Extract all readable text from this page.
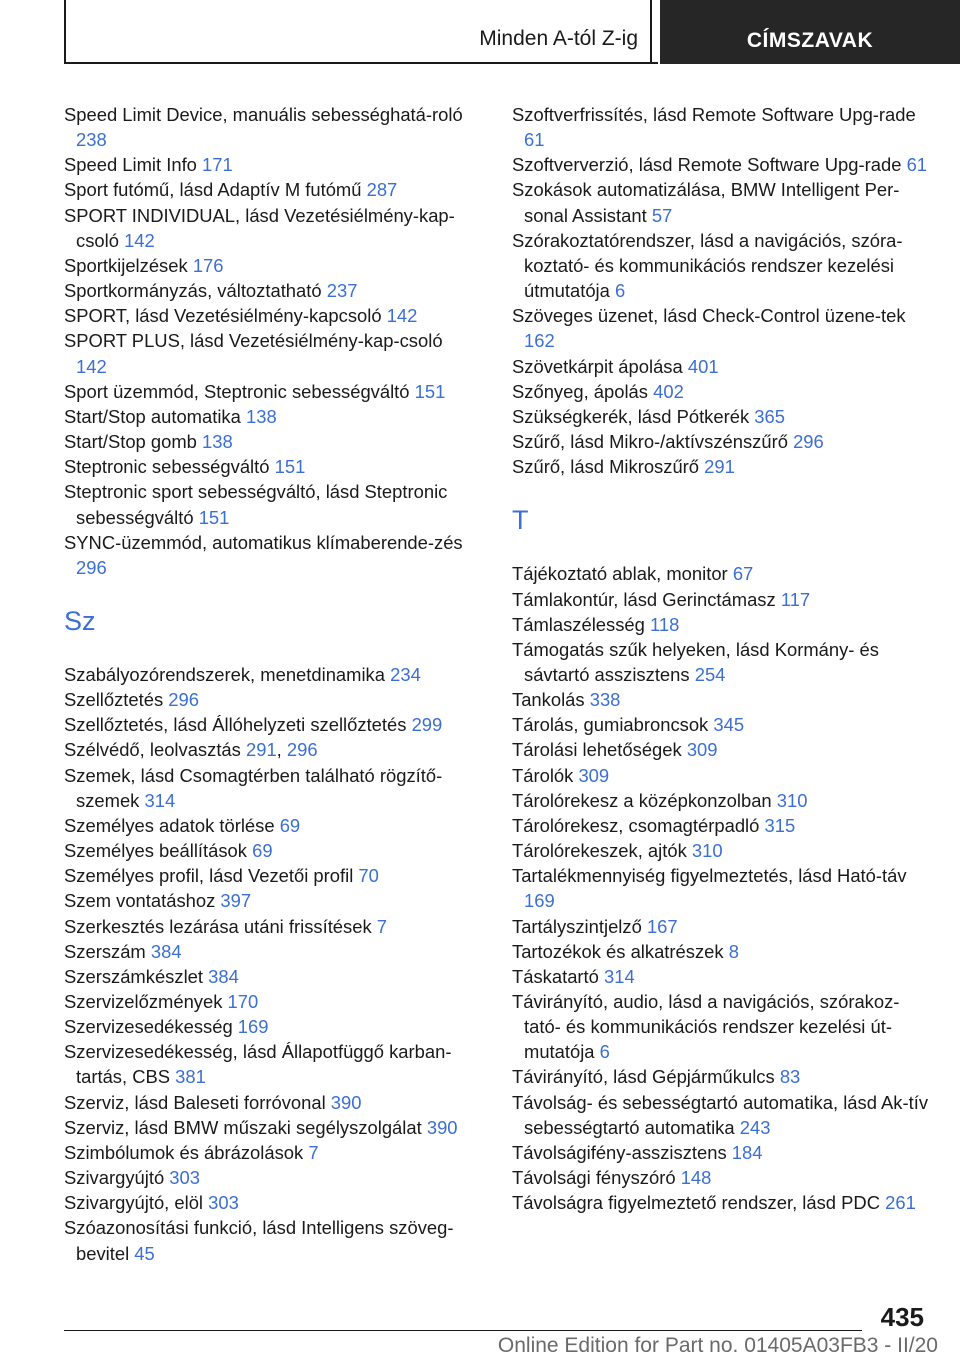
Minden A-tól Z-ig	CÍMSZAVAK
Speed Limit Device, manuális sebességhatá-roló 238
Speed Limit Info 171
Sport futómű, lásd Adaptív M futómű 287
SPORT INDIVIDUAL, lásd Vezetésiélmény-kap-csoló 142
Sportkijelzések 176
Sportkormányzás, változtatható 237
SPORT, lásd Vezetésiélmény-kapcsoló 142
SPORT PLUS, lásd Vezetésiélmény-kap-csoló 142
Sport üzemmód, Steptronic sebességváltó 151
Start/Stop automatika 138
Start/Stop gomb 138
Steptronic sebességváltó 151
Steptronic sport sebességváltó, lásd Steptronic sebességváltó 151
SYNC-üzemmód, automatikus klímaberende-zés 296
Sz
Szabályozórendszerek, menetdinamika 234
Szellőztetés 296
Szellőztetés, lásd Állóhelyzeti szellőztetés 299
Szélvédő, leolvasztás 291, 296
Szemek, lásd Csomagtérben található rögzítő-szemek 314
Személyes adatok törlése 69
Személyes beállítások 69
Személyes profil, lásd Vezetői profil 70
Szem vontatáshoz 397
Szerkesztés lezárása utáni frissítések 7
Szerszám 384
Szerszámkészlet 384
Szervizelőzmények 170
Szervizesedékesség 169
Szervizesedékesség, lásd Állapotfüggő karban-tartás, CBS 381
Szerviz, lásd Baleseti forróvonal 390
Szerviz, lásd BMW műszaki segélyszolgálat 390
Szimbólumok és ábrázolások 7
Szivargyújtó 303
Szivargyújtó, elöl 303
Szóazonosítási funkció, lásd Intelligens szöveg-bevitel 45
Szoftverfrissítés, lásd Remote Software Upg-rade 61
Szoftververzió, lásd Remote Software Upg-rade 61
Szokások automatizálása, BMW Intelligent Per-sonal Assistant 57
Szórakoztatórendszer, lásd a navigációs, szóra-koztató- és kommunikációs rendszer kezelési útmutatója 6
Szöveges üzenet, lásd Check-Control üzene-tek 162
Szövetkárpit ápolása 401
Szőnyeg, ápolás 402
Szükségkerék, lásd Pótkerék 365
Szűrő, lásd Mikro-/aktívszénszűrő 296
Szűrő, lásd Mikroszűrő 291
T
Tájékoztató ablak, monitor 67
Támlakontúr, lásd Gerinctámasz 117
Támlaszélesség 118
Támogatás szűk helyeken, lásd Kormány- és sávtartó asszisztens 254
Tankolás 338
Tárolás, gumiabroncsok 345
Tárolási lehetőségek 309
Tárolók 309
Tárolórekesz a középkonzolban 310
Tárolórekesz, csomagtérpadló 315
Tárolórekeszek, ajtók 310
Tartalékmennyiség figyelmeztetés, lásd Ható-táv 169
Tartályszintjelző 167
Tartozékok és alkatrészek 8
Táskatartó 314
Távirányító, audio, lásd a navigációs, szórakoz-tató- és kommunikációs rendszer kezelési út-mutatója 6
Távirányító, lásd Gépjárműkulcs 83
Távolság- és sebességtartó automatika, lásd Ak-tív sebességtartó automatika 243
Távolságifény-asszisztens 184
Távolsági fényszóró 148
Távolságra figyelmeztető rendszer, lásd PDC 261
435
Online Edition for Part no. 01405A03FB3 - II/20
